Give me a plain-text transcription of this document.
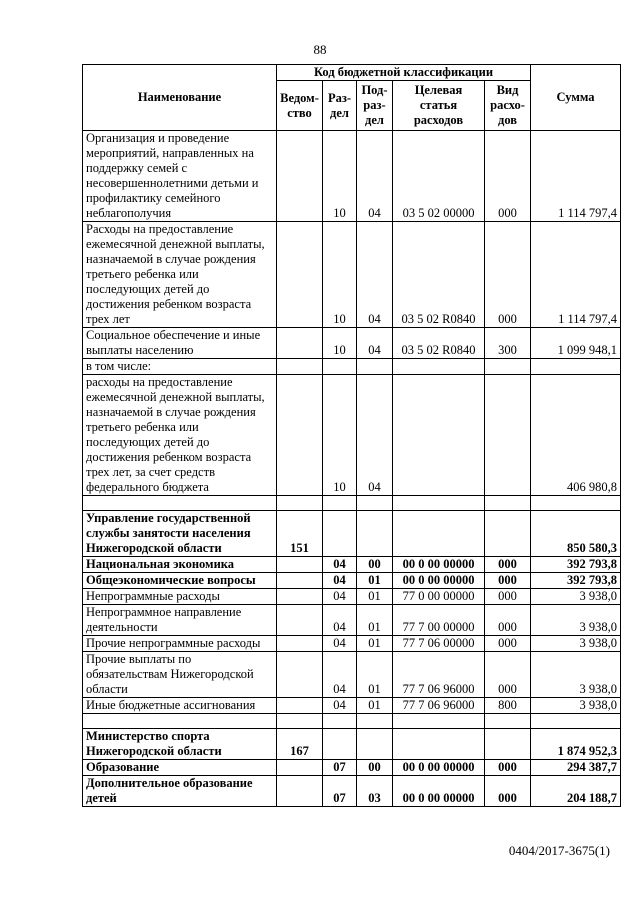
88
Наименование	Код бюджетной классификации					Сумма
	Ведом-ство	Раз-дел	Под-раз-дел	Целевая статья расходов	Вид расхо-дов	
Организация и проведение мероприятий, направленных на поддержку семей с несовершеннолетними детьми и профилактику семейного неблагополучия		10	04	03 5 02 00000	000	1 114 797,4
Расходы на предоставление ежемесячной денежной выплаты, назначаемой в случае рождения третьего ребенка или последующих детей до достижения ребенком возраста трех лет		10	04	03 5 02 R0840	000	1 114 797,4
Социальное обеспечение и иные выплаты населению		10	04	03 5 02 R0840	300	1 099 948,1
в том числе:						
расходы на предоставление ежемесячной денежной выплаты, назначаемой в случае рождения третьего ребенка или последующих детей до достижения ребенком возраста трех лет, за счет средств федерального бюджета		10	04			406 980,8

Управление государственной службы занятости населения Нижегородской области	151					850 580,3
Национальная экономика		04	00	00 0 00 00000	000	392 793,8
Общеэкономические вопросы		04	01	00 0 00 00000	000	392 793,8
Непрограммные расходы		04	01	77 0 00 00000	000	3 938,0
Непрограммное направление деятельности		04	01	77 7 00 00000	000	3 938,0
Прочие непрограммные расходы		04	01	77 7 06 00000	000	3 938,0
Прочие выплаты по обязательствам Нижегородской области		04	01	77 7 06 96000	000	3 938,0
Иные бюджетные ассигнования		04	01	77 7 06 96000	800	3 938,0

Министерство спорта Нижегородской области	167					1 874 952,3
Образование		07	00	00 0 00 00000	000	294 387,7
Дополнительное образование детей		07	03	00 0 00 00000	000	204 188,7
0404/2017-3675(1)
